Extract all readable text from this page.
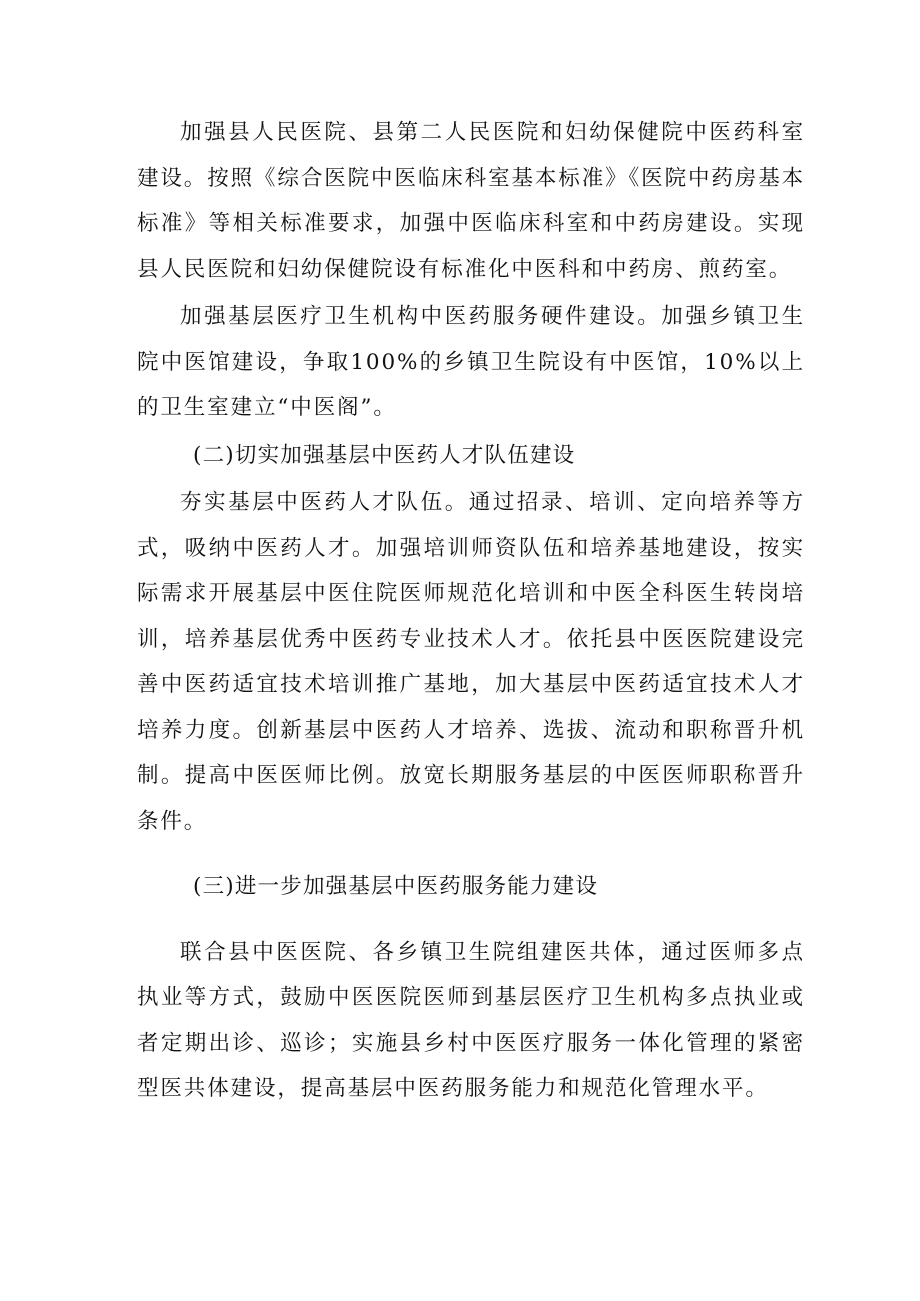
加强县人民医院、县第二人民医院和妇幼保健院中医药科室建设。按照《综合医院中医临床科室基本标准》《医院中药房基本标准》等相关标准要求，加强中医临床科室和中药房建设。实现县人民医院和妇幼保健院设有标准化中医科和中药房、煎药室。

加强基层医疗卫生机构中医药服务硬件建设。加强乡镇卫生院中医馆建设，争取100%的乡镇卫生院设有中医馆，10%以上的卫生室建立“中医阁”。

(二)切实加强基层中医药人才队伍建设

夯实基层中医药人才队伍。通过招录、培训、定向培养等方式，吸纳中医药人才。加强培训师资队伍和培养基地建设，按实际需求开展基层中医住院医师规范化培训和中医全科医生转岗培训，培养基层优秀中医药专业技术人才。依托县中医医院建设完善中医药适宜技术培训推广基地，加大基层中医药适宜技术人才培养力度。创新基层中医药人才培养、选拔、流动和职称晋升机制。提高中医医师比例。放宽长期服务基层的中医医师职称晋升条件。

(三)进一步加强基层中医药服务能力建设

联合县中医医院、各乡镇卫生院组建医共体，通过医师多点执业等方式，鼓励中医医院医师到基层医疗卫生机构多点执业或者定期出诊、巡诊；实施县乡村中医医疗服务一体化管理的紧密型医共体建设，提高基层中医药服务能力和规范化管理水平。
